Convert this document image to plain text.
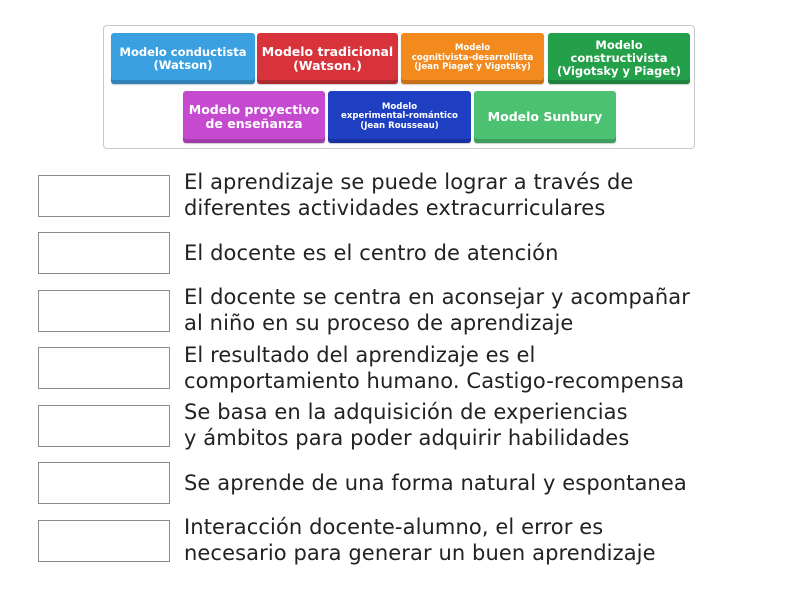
Modelo conductista
(Watson)
Modelo tradicional
(Watson.)
Modelo
cognitivista-desarrollista
(Jean Piaget y Vigotsky)
Modelo
constructivista
(Vigotsky y Piaget)
Modelo proyectivo
de enseñanza
Modelo
experimental-romántico
(Jean Rousseau)
Modelo Sunbury
El aprendizaje se puede lograr a través de
diferentes actividades extracurriculares
El docente es el centro de atención
El docente se centra en aconsejar y acompañar
al niño en su proceso de aprendizaje
El resultado del aprendizaje es el
comportamiento humano. Castigo-recompensa
Se basa en la adquisición de experiencias
y ámbitos para poder adquirir habilidades
Se aprende de una forma natural y espontanea
Interacción docente-alumno, el error es
necesario para generar un buen aprendizaje
